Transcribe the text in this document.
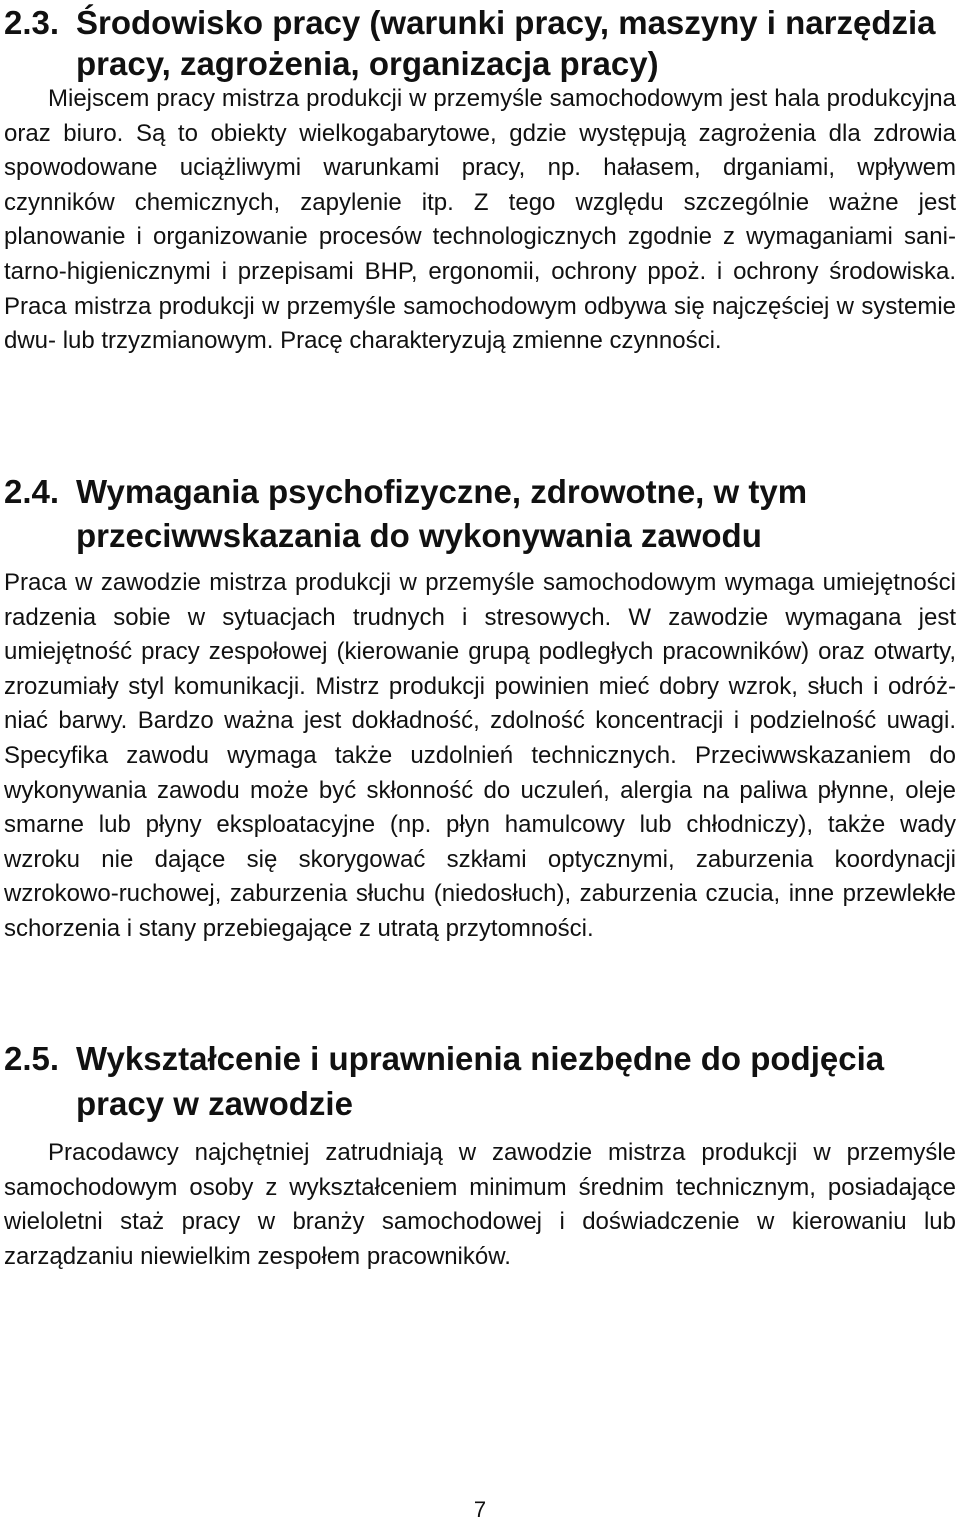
2.3. Środowisko pracy (warunki pracy, maszyny i narzędzia pracy, zagrożenia, organizacja pracy)

Miejscem pracy mistrza produkcji w przemyśle samochodowym jest hala produkcyjna oraz biuro. Są to obiekty wielkogabarytowe, gdzie występują zagrożenia dla zdrowia spowodowane uciążliwymi warunkami pracy, np. hałasem, drganiami, wpływem czynników chemicznych, zapylenie itp. Z tego względu szczególnie ważne jest planowanie i organizowanie procesów technologicznych zgodnie z wymaganiami sanitarno-higienicznymi i przepisami BHP, ergonomii, ochrony ppoż. i ochrony środowiska. Praca mistrza produkcji w przemyśle samochodowym odbywa się najczęściej w systemie dwu- lub trzyzmianowym. Pracę charakteryzują zmienne czynności.

2.4. Wymagania psychofizyczne, zdrowotne, w tym przeciwwskazania do wykonywania zawodu

Praca w zawodzie mistrza produkcji w przemyśle samochodowym wymaga umiejętności radzenia sobie w sytuacjach trudnych i stresowych. W zawodzie wymagana jest umiejętność pracy zespołowej (kierowanie grupą podległych pracowników) oraz otwarty, zrozumiały styl komunikacji. Mistrz produkcji powinien mieć dobry wzrok, słuch i odróżniać barwy. Bardzo ważna jest dokładność, zdolność koncentracji i podzielność uwagi. Specyfika zawodu wymaga także uzdolnień technicznych. Przeciwwskazaniem do wykonywania zawodu może być skłonność do uczuleń, alergia na paliwa płynne, oleje smarne lub płyny eksploatacyjne (np. płyn hamulcowy lub chłodniczy), także wady wzroku nie dające się skorygować szkłami optycznymi, zaburzenia koordynacji wzrokowo-ruchowej, zaburzenia słuchu (niedosłuch), zaburzenia czucia, inne przewlekłe schorzenia i stany przebiegające z utratą przytomności.

2.5. Wykształcenie i uprawnienia niezbędne do podjęcia pracy w zawodzie

Pracodawcy najchętniej zatrudniają w zawodzie mistrza produkcji w przemyśle samochodowym osoby z wykształceniem minimum średnim technicznym, posiadające wieloletni staż pracy w branży samochodowej i doświadczenie w kierowaniu lub zarządzaniu niewielkim zespołem pracowników.

7
